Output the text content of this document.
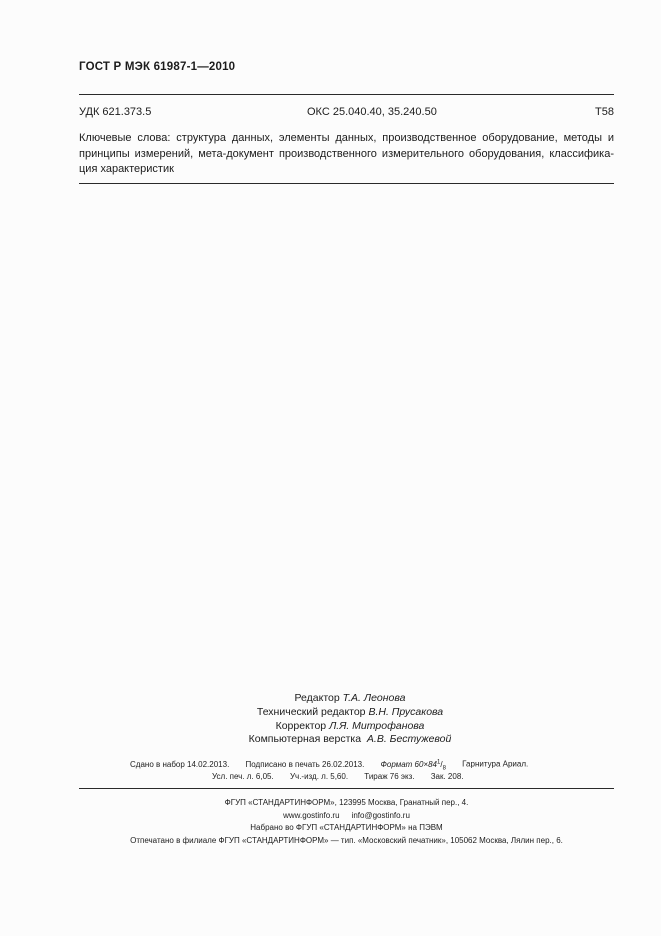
ГОСТ Р МЭК 61987-1—2010
УДК 621.373.5	ОКС 25.040.40, 35.240.50	Т58
Ключевые слова: структура данных, элементы данных, производственное оборудование, методы и принципы измерений, мета-документ производственного измерительного оборудования, классифика-ция характеристик
Редактор Т.А. Леонова
Технический редактор В.Н. Прусакова
Корректор Л.Я. Митрофанова
Компьютерная верстка А.В. Бестужевой
Сдано в набор 14.02.2013. Подписано в печать 26.02.2013. Формат $60\times 84^1/_8$ Гарнитура Ариал.
Усл. печ. л. 6,05. Уч.-изд. л. 5,60. Тираж 76 экз. Зак. 208.
ФГУП «СТАНДАРТИНФОРМ», 123995 Москва, Гранатный пер., 4.
www.gostinfo.ru info@gostinfo.ru
Набрано во ФГУП «СТАНДАРТИНФОРМ» на ПЭВМ
Отпечатано в филиале ФГУП «СТАНДАРТИНФОРМ» — тип. «Московский печатник», 105062 Москва, Лялин пер., 6.
